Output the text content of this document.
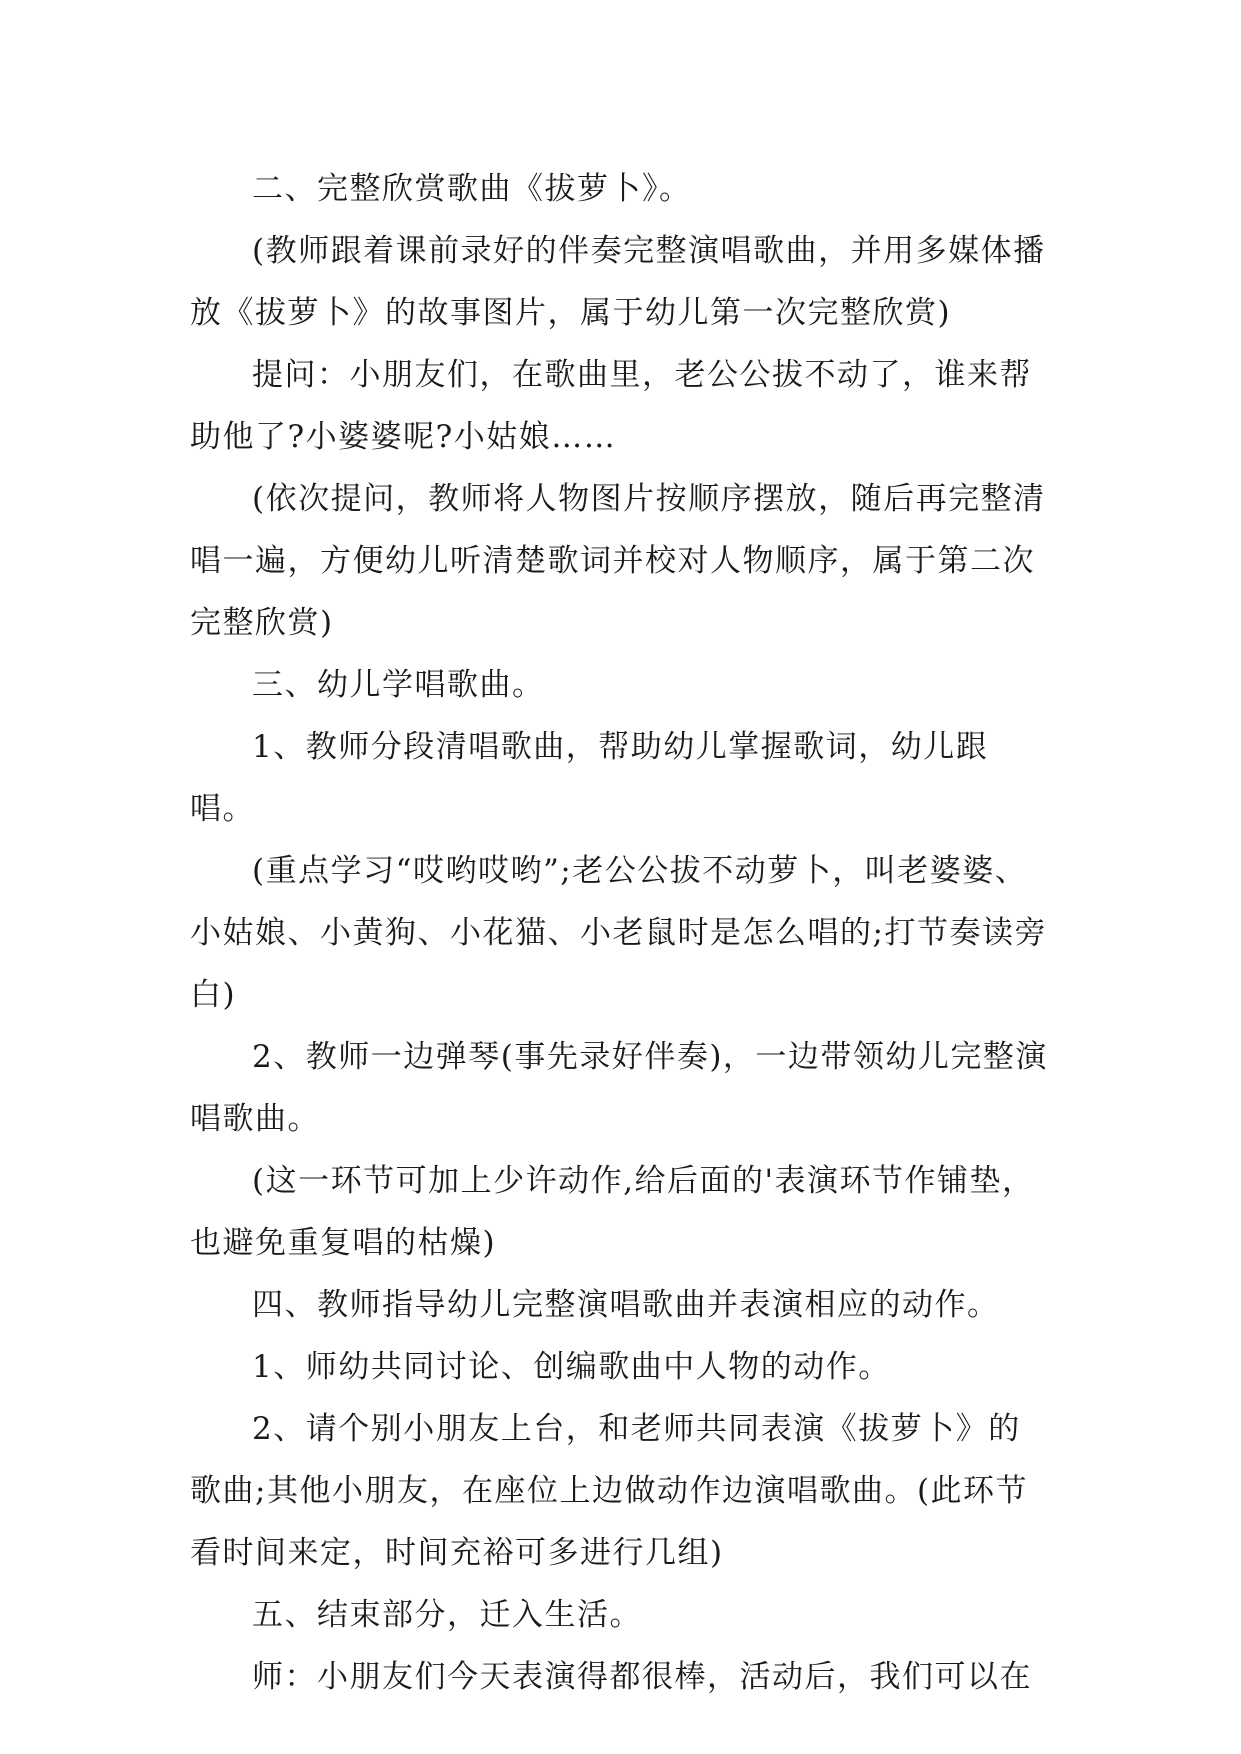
二、完整欣赏歌曲《拔萝卜》。

(教师跟着课前录好的伴奏完整演唱歌曲，并用多媒体播放《拔萝卜》的故事图片，属于幼儿第一次完整欣赏)

提问：小朋友们，在歌曲里，老公公拔不动了，谁来帮助他了?小婆婆呢?小姑娘……

(依次提问，教师将人物图片按顺序摆放，随后再完整清唱一遍，方便幼儿听清楚歌词并校对人物顺序，属于第二次完整欣赏)

三、幼儿学唱歌曲。

1、教师分段清唱歌曲，帮助幼儿掌握歌词，幼儿跟唱。

(重点学习“哎哟哎哟”;老公公拔不动萝卜，叫老婆婆、小姑娘、小黄狗、小花猫、小老鼠时是怎么唱的;打节奏读旁白)

2、教师一边弹琴(事先录好伴奏)，一边带领幼儿完整演唱歌曲。

(这一环节可加上少许动作,给后面的'表演环节作铺垫，也避免重复唱的枯燥)

四、教师指导幼儿完整演唱歌曲并表演相应的动作。

1、师幼共同讨论、创编歌曲中人物的动作。

2、请个别小朋友上台，和老师共同表演《拔萝卜》的歌曲;其他小朋友，在座位上边做动作边演唱歌曲。(此环节看时间来定，时间充裕可多进行几组)

五、结束部分，迁入生活。

师：小朋友们今天表演得都很棒，活动后，我们可以在
